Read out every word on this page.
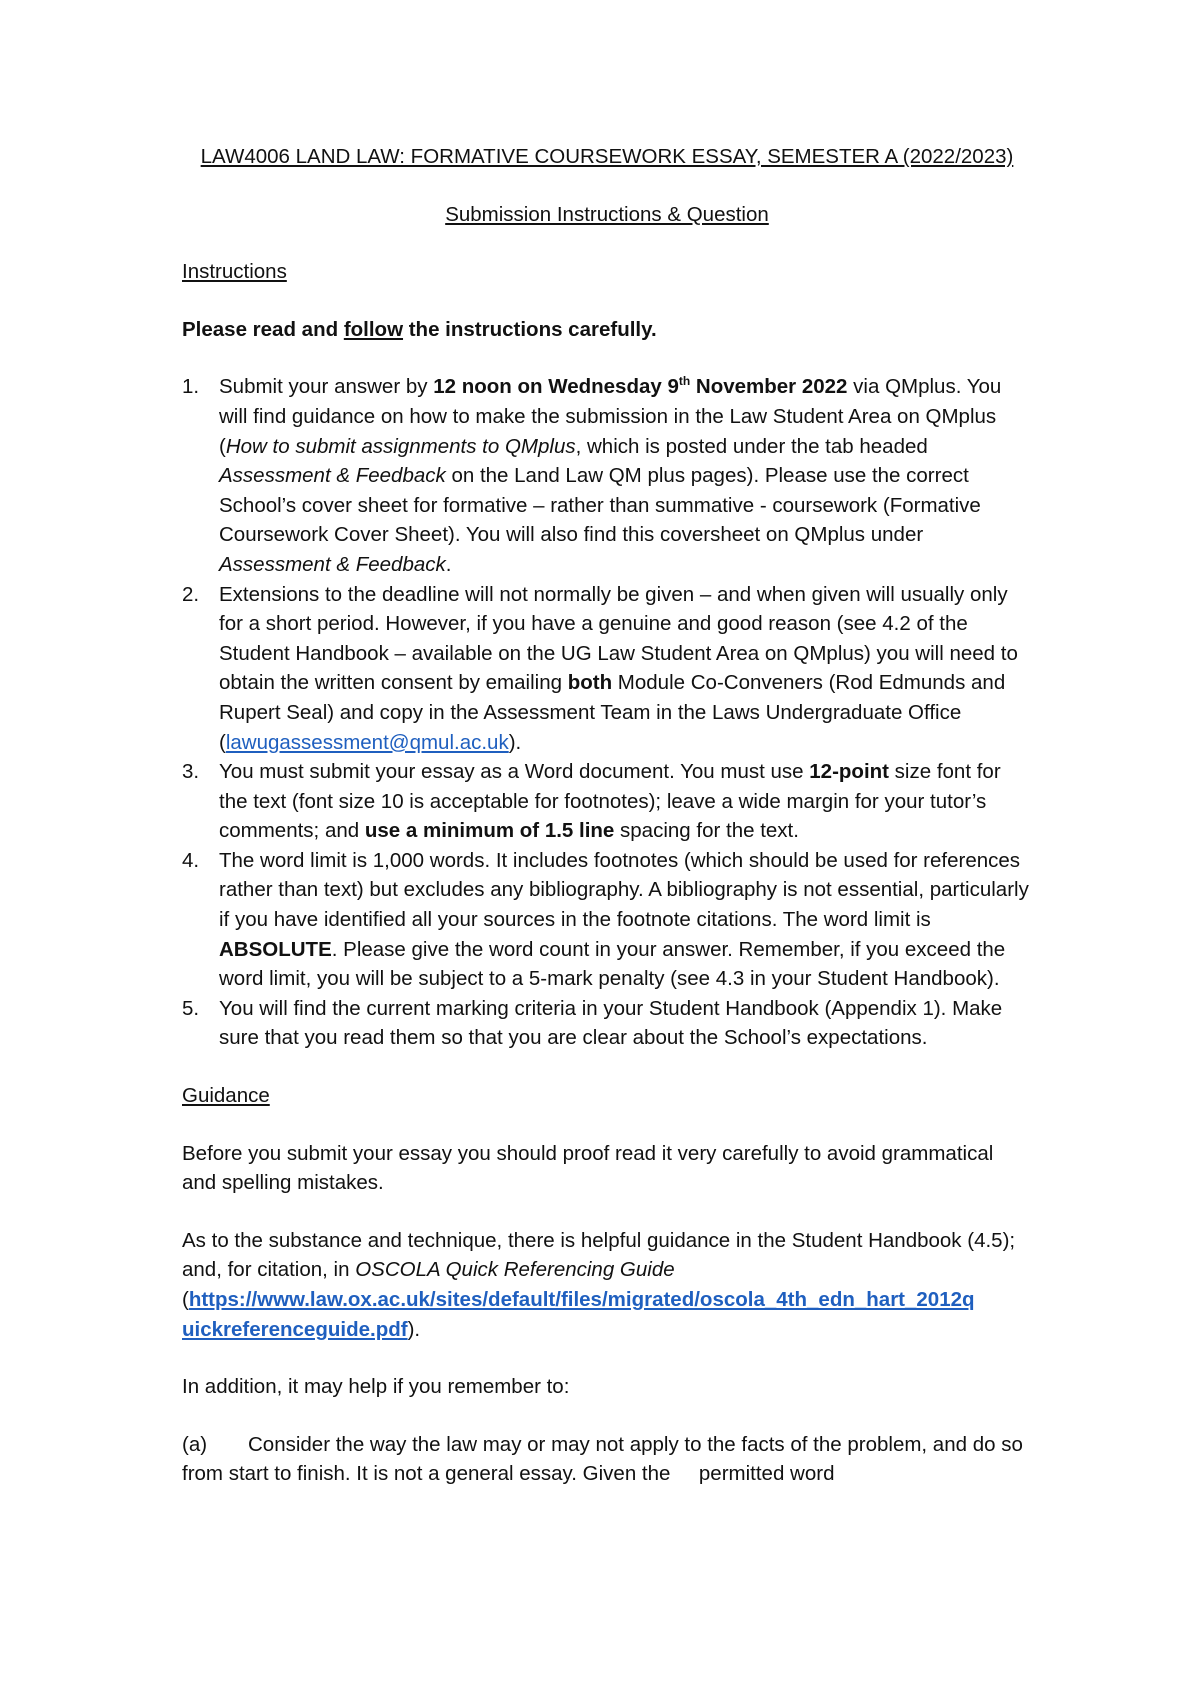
LAW4006 LAND LAW: FORMATIVE COURSEWORK ESSAY, SEMESTER A (2022/2023)
Submission Instructions & Question
Instructions
Please read and follow the instructions carefully.
1. Submit your answer by 12 noon on Wednesday 9th November 2022 via QMplus. You will find guidance on how to make the submission in the Law Student Area on QMplus (How to submit assignments to QMplus, which is posted under the tab headed Assessment & Feedback on the Land Law QM plus pages). Please use the correct School’s cover sheet for formative – rather than summative - coursework (Formative Coursework Cover Sheet). You will also find this coversheet on QMplus under Assessment & Feedback.
2. Extensions to the deadline will not normally be given – and when given will usually only for a short period. However, if you have a genuine and good reason (see 4.2 of the Student Handbook – available on the UG Law Student Area on QMplus) you will need to obtain the written consent by emailing both Module Co-Conveners (Rod Edmunds and Rupert Seal) and copy in the Assessment Team in the Laws Undergraduate Office (lawugassessment@qmul.ac.uk).
3. You must submit your essay as a Word document. You must use 12-point size font for the text (font size 10 is acceptable for footnotes); leave a wide margin for your tutor’s comments; and use a minimum of 1.5 line spacing for the text.
4. The word limit is 1,000 words. It includes footnotes (which should be used for references rather than text) but excludes any bibliography. A bibliography is not essential, particularly if you have identified all your sources in the footnote citations. The word limit is ABSOLUTE. Please give the word count in your answer. Remember, if you exceed the word limit, you will be subject to a 5-mark penalty (see 4.3 in your Student Handbook).
5. You will find the current marking criteria in your Student Handbook (Appendix 1). Make sure that you read them so that you are clear about the School’s expectations.
Guidance

Before you submit your essay you should proof read it very carefully to avoid grammatical and spelling mistakes.

As to the substance and technique, there is helpful guidance in the Student Handbook (4.5); and, for citation, in OSCOLA Quick Referencing Guide (https://www.law.ox.ac.uk/sites/default/files/migrated/oscola_4th_edn_hart_2012q
uickreferenceguide.pdf).

In addition, it may help if you remember to:

(a) Consider the way the law may or may not apply to the facts of the problem, and do so from start to finish. It is not a general essay. Given the     permitted word
